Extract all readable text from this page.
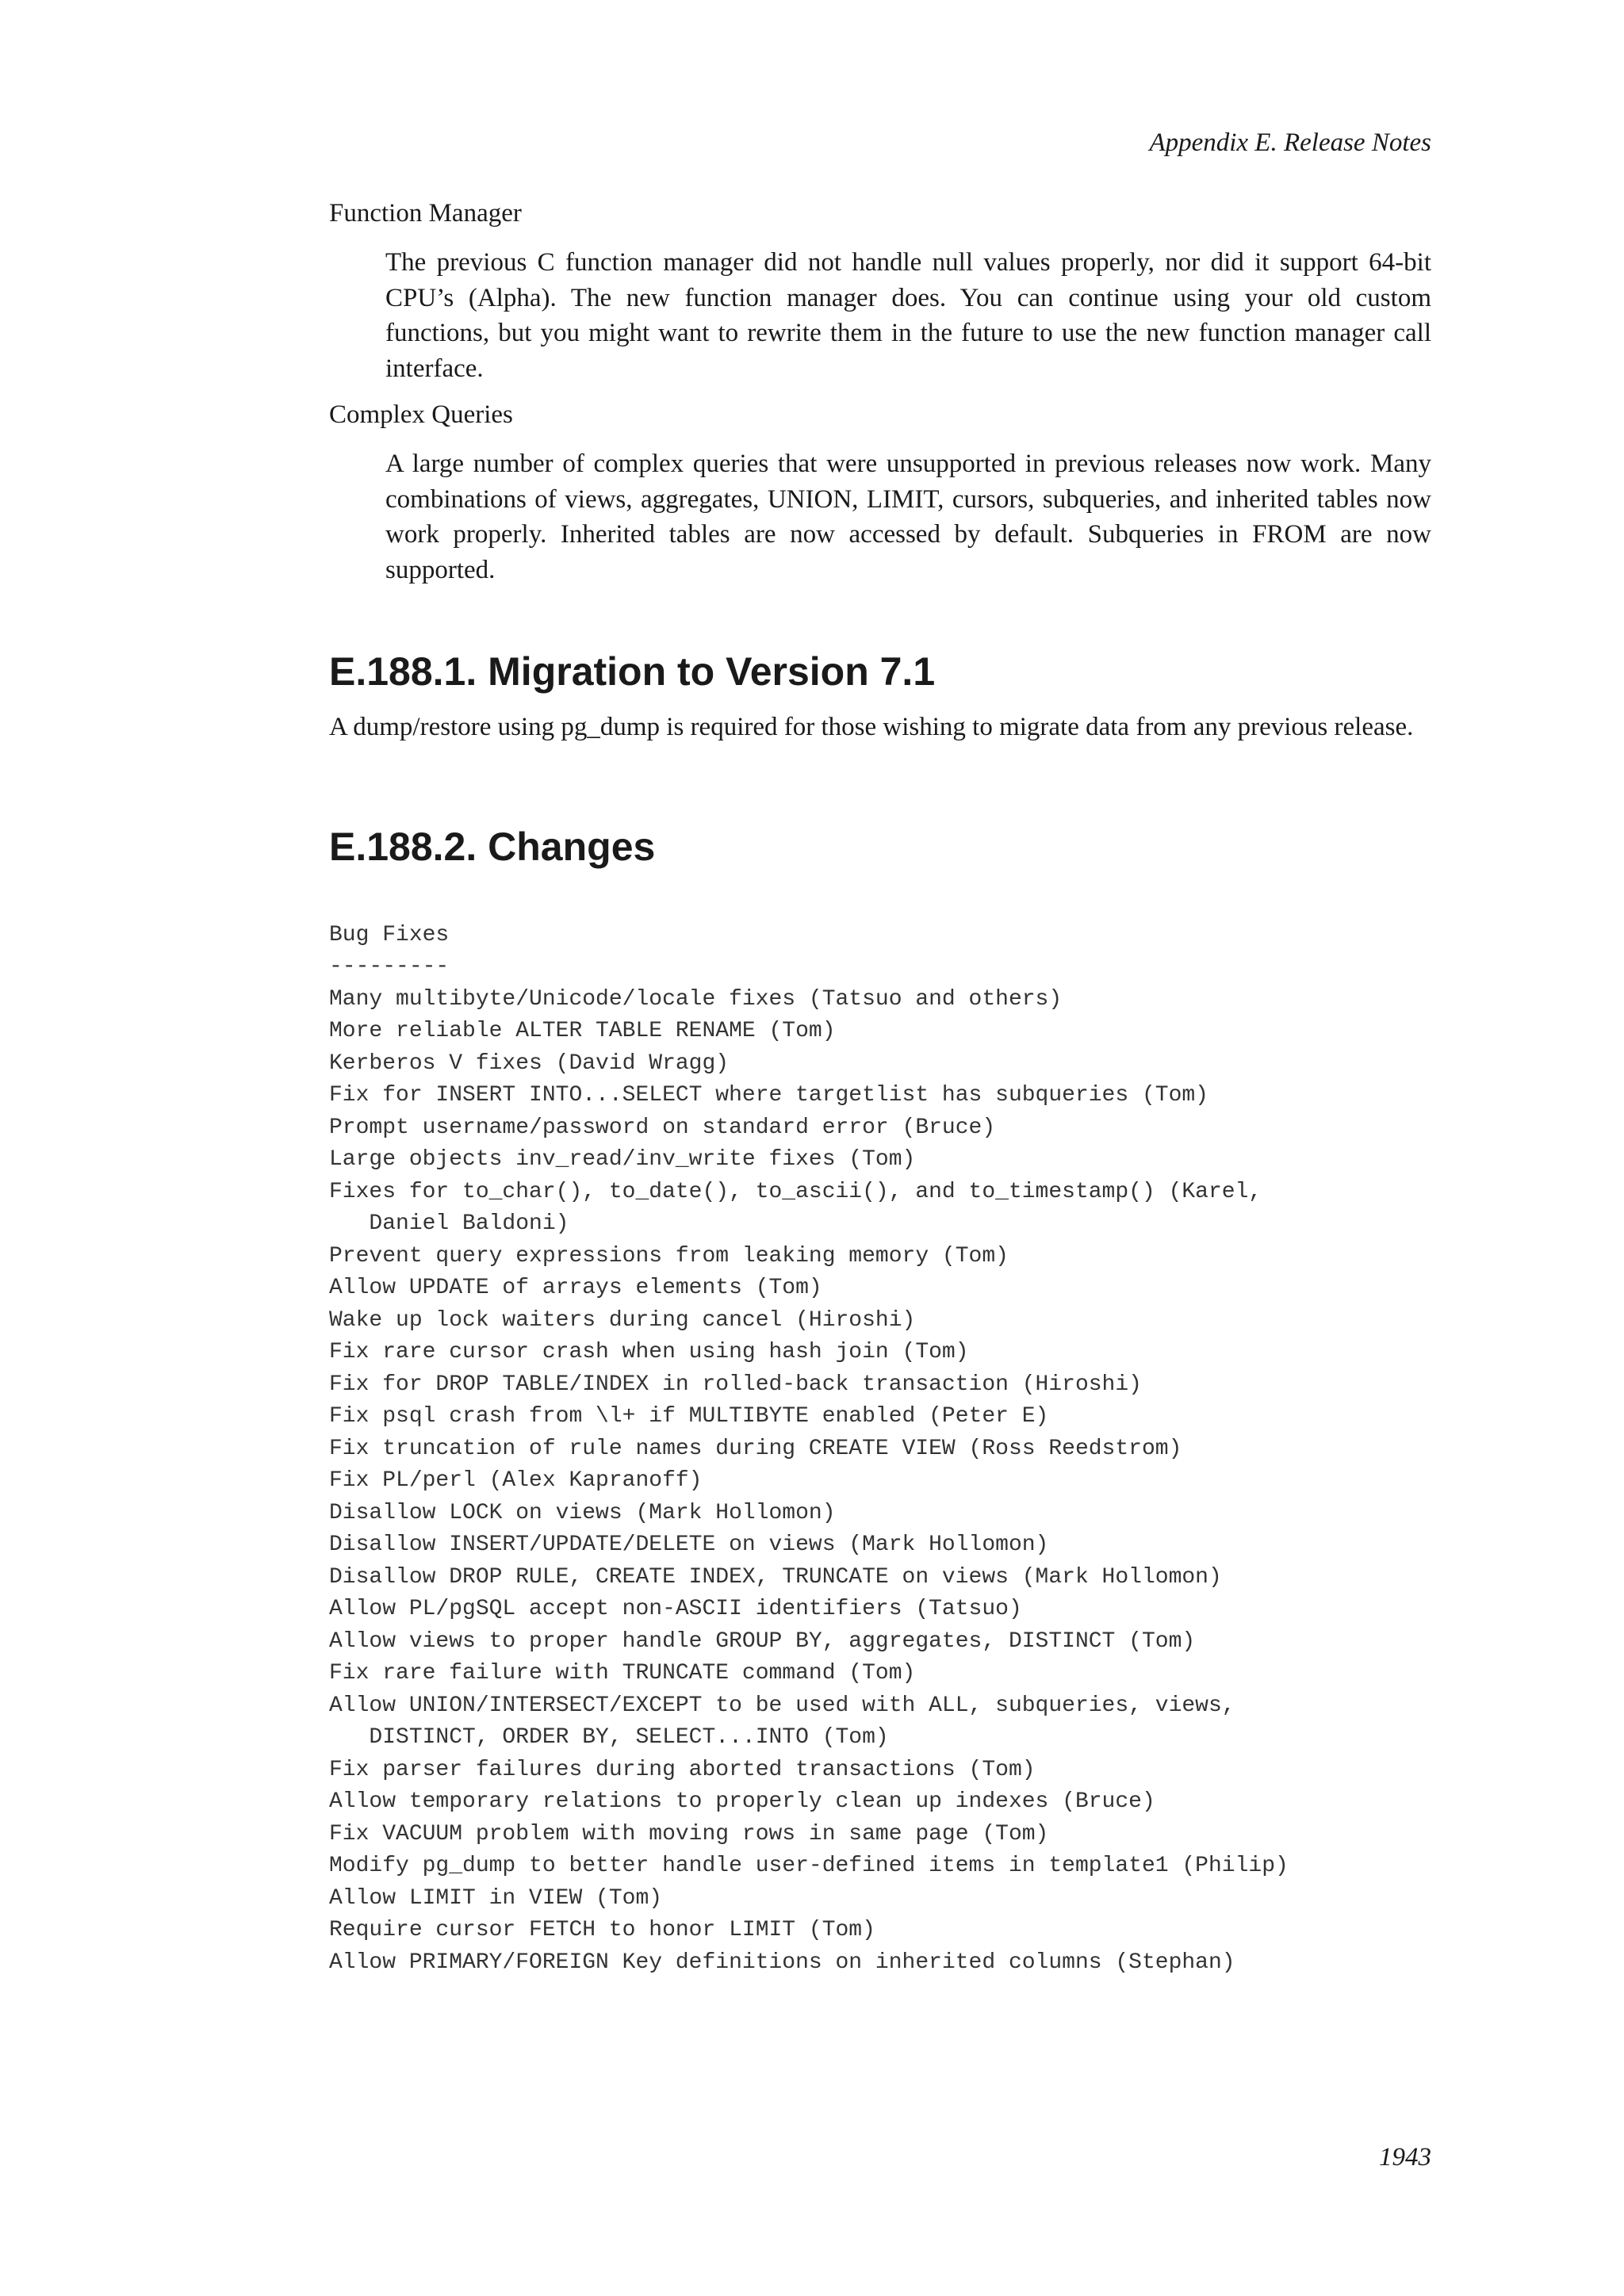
Appendix E. Release Notes

Function Manager

The previous C function manager did not handle null values properly, nor did it support 64-bit CPU’s (Alpha). The new function manager does. You can continue using your old custom functions, but you might want to rewrite them in the future to use the new function manager call interface.

Complex Queries

A large number of complex queries that were unsupported in previous releases now work. Many combinations of views, aggregates, UNION, LIMIT, cursors, subqueries, and inherited tables now work properly. Inherited tables are now accessed by default. Subqueries in FROM are now supported.

E.188.1. Migration to Version 7.1

A dump/restore using pg_dump is required for those wishing to migrate data from any previous release.

E.188.2. Changes
Bug Fixes
---------
Many multibyte/Unicode/locale fixes (Tatsuo and others)
More reliable ALTER TABLE RENAME (Tom)
Kerberos V fixes (David Wragg)
Fix for INSERT INTO...SELECT where targetlist has subqueries (Tom)
Prompt username/password on standard error (Bruce)
Large objects inv_read/inv_write fixes (Tom)
Fixes for to_char(), to_date(), to_ascii(), and to_timestamp() (Karel,
Daniel Baldoni)
Prevent query expressions from leaking memory (Tom)
Allow UPDATE of arrays elements (Tom)
Wake up lock waiters during cancel (Hiroshi)
Fix rare cursor crash when using hash join (Tom)
Fix for DROP TABLE/INDEX in rolled-back transaction (Hiroshi)
Fix psql crash from \l+ if MULTIBYTE enabled (Peter E)
Fix truncation of rule names during CREATE VIEW (Ross Reedstrom)
Fix PL/perl (Alex Kapranoff)
Disallow LOCK on views (Mark Hollomon)
Disallow INSERT/UPDATE/DELETE on views (Mark Hollomon)
Disallow DROP RULE, CREATE INDEX, TRUNCATE on views (Mark Hollomon)
Allow PL/pgSQL accept non-ASCII identifiers (Tatsuo)
Allow views to proper handle GROUP BY, aggregates, DISTINCT (Tom)
Fix rare failure with TRUNCATE command (Tom)
Allow UNION/INTERSECT/EXCEPT to be used with ALL, subqueries, views,
DISTINCT, ORDER BY, SELECT...INTO (Tom)
Fix parser failures during aborted transactions (Tom)
Allow temporary relations to properly clean up indexes (Bruce)
Fix VACUUM problem with moving rows in same page (Tom)
Modify pg_dump to better handle user-defined items in template1 (Philip)
Allow LIMIT in VIEW (Tom)
Require cursor FETCH to honor LIMIT (Tom)
Allow PRIMARY/FOREIGN Key definitions on inherited columns (Stephan)
1943
